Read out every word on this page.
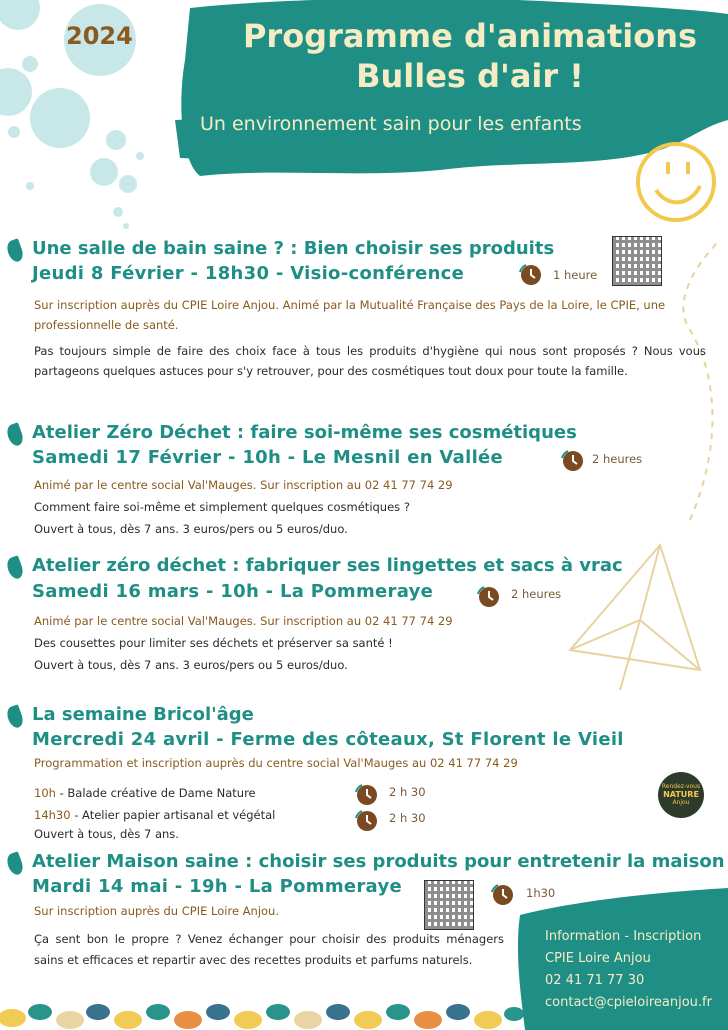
2024	Programme d'animations
Bulles d'air !
Un environnement sain pour les enfants
Une salle de bain saine ? : Bien choisir ses produits
Jeudi 8 Février - 18h30 - Visio-conférence	1 heure
Sur inscription auprès du CPIE Loire Anjou. Animé par la Mutualité Française des Pays de la Loire, le CPIE, une professionnelle de santé.
Pas toujours simple de faire des choix face à tous les produits d'hygiène qui nous sont proposés ? Nous vous partageons quelques astuces pour s'y retrouver, pour des cosmétiques tout doux pour toute la famille.
Atelier Zéro Déchet : faire soi-même ses cosmétiques
Samedi 17 Février - 10h - Le Mesnil en Vallée	2 heures
Animé par le centre social Val'Mauges. Sur inscription au 02 41 77 74 29
Comment faire soi-même et simplement quelques cosmétiques ?
Ouvert à tous, dès 7 ans. 3 euros/pers ou 5 euros/duo.
Atelier zéro déchet : fabriquer ses lingettes et sacs à vrac
Samedi 16 mars - 10h - La Pommeraye	2 heures
Animé par le centre social Val'Mauges. Sur inscription au 02 41 77 74 29
Des cousettes pour limiter ses déchets et préserver sa santé !
Ouvert à tous, dès 7 ans. 3 euros/pers ou 5 euros/duo.
La semaine Bricol'âge
Mercredi 24 avril - Ferme des côteaux, St Florent le Vieil
Programmation et inscription auprès du centre social Val'Mauges au 02 41 77 74 29
10h - Balade créative de Dame Nature	2 h 30
14h30 - Atelier papier artisanal et végétal	2 h 30
Ouvert à tous, dès 7 ans.
Rendez-vous
NATURE
Anjou
Atelier Maison saine : choisir ses produits pour entretenir la maison
Mardi 14 mai - 19h - La Pommeraye	1h30
Sur inscription auprès du CPIE Loire Anjou.
Ça sent bon le propre ? Venez échanger pour choisir des produits ménagers sains et efficaces et repartir avec des recettes produits et parfums naturels.
Information - Inscription
CPIE Loire Anjou
02 41 71 77 30
contact@cpieloireanjou.fr
